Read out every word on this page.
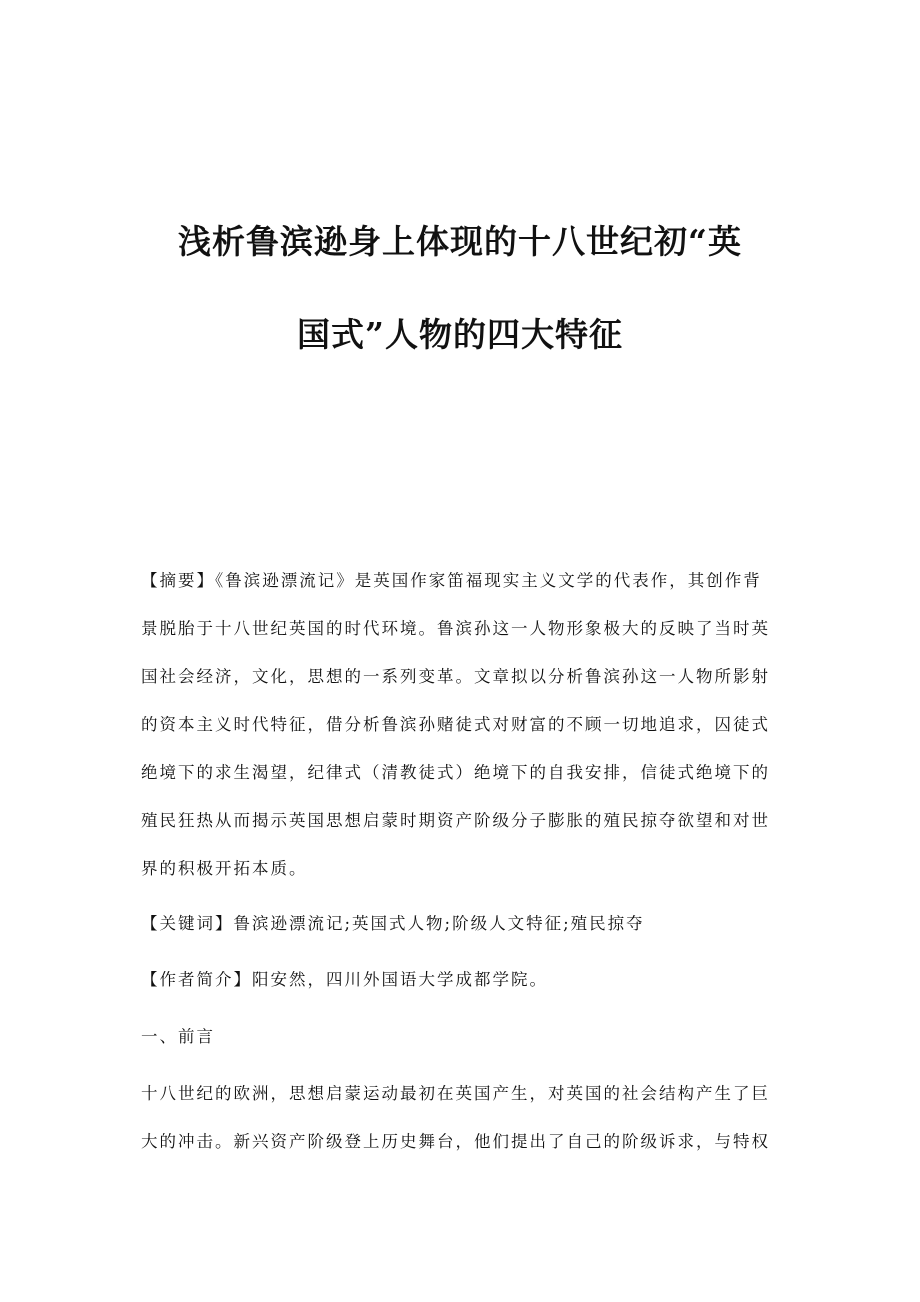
浅析鲁滨逊身上体现的十八世纪初“英
国式”人物的四大特征
【摘要】《鲁滨逊漂流记》是英国作家笛福现实主义文学的代表作，其创作背
景脱胎于十八世纪英国的时代环境。鲁滨孙这一人物形象极大的反映了当时英
国社会经济，文化，思想的一系列变革。文章拟以分析鲁滨孙这一人物所影射
的资本主义时代特征，借分析鲁滨孙赌徒式对财富的不顾一切地追求，囚徒式
绝境下的求生渴望，纪律式（清教徒式）绝境下的自我安排，信徒式绝境下的
殖民狂热从而揭示英国思想启蒙时期资产阶级分子膨胀的殖民掠夺欲望和对世
界的积极开拓本质。
【关键词】鲁滨逊漂流记;英国式人物;阶级人文特征;殖民掠夺
【作者简介】阳安然，四川外国语大学成都学院。
一、前言
十八世纪的欧洲，思想启蒙运动最初在英国产生，对英国的社会结构产生了巨
大的冲击。新兴资产阶级登上历史舞台，他们提出了自己的阶级诉求，与特权
